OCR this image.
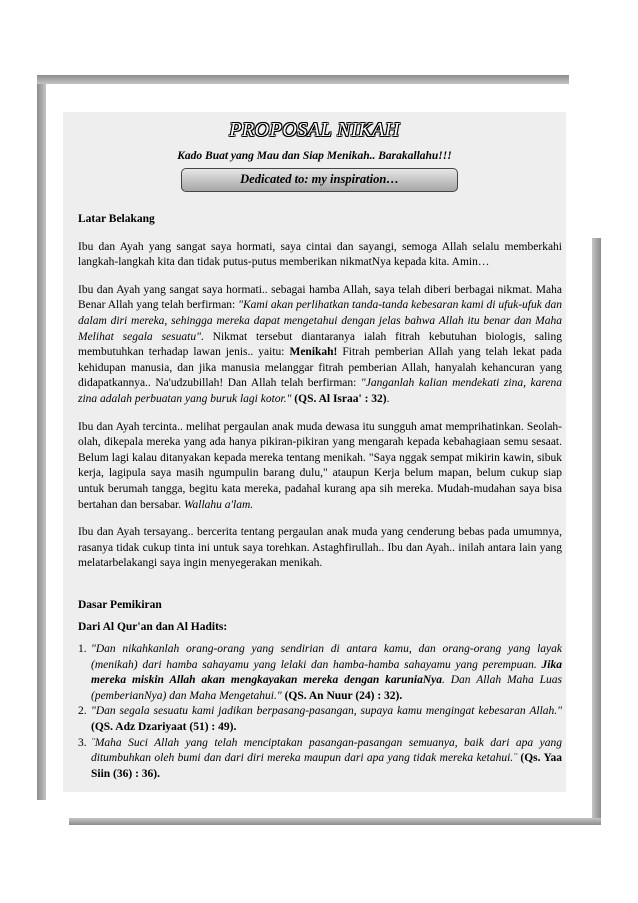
PROPOSAL NIKAH
Kado Buat yang Mau dan Siap Menikah.. Barakallahu!!!
Dedicated to: my inspiration…
Latar Belakang

Ibu dan Ayah yang sangat saya hormati, saya cintai dan sayangi, semoga Allah selalu memberkahi langkah-langkah kita dan tidak putus-putus memberikan nikmatNya kepada kita. Amin…

Ibu dan Ayah yang sangat saya hormati.. sebagai hamba Allah, saya telah diberi berbagai nikmat. Maha Benar Allah yang telah berfirman: "Kami akan perlihatkan tanda-tanda kebesaran kami di ufuk-ufuk dan dalam diri mereka, sehingga mereka dapat mengetahui dengan jelas bahwa Allah itu benar dan Maha Melihat segala sesuatu". Nikmat tersebut diantaranya ialah fitrah kebutuhan biologis, saling membutuhkan terhadap lawan jenis.. yaitu: Menikah! Fitrah pemberian Allah yang telah lekat pada kehidupan manusia, dan jika manusia melanggar fitrah pemberian Allah, hanyalah kehancuran yang didapatkannya.. Na'udzubillah! Dan Allah telah berfirman: "Janganlah kalian mendekati zina, karena zina adalah perbuatan yang buruk lagi kotor." (QS. Al Israa' : 32).

Ibu dan Ayah tercinta.. melihat pergaulan anak muda dewasa itu sungguh amat memprihatinkan. Seolah-olah, dikepala mereka yang ada hanya pikiran-pikiran yang mengarah kepada kebahagiaan semu sesaat. Belum lagi kalau ditanyakan kepada mereka tentang menikah. "Saya nggak sempat mikirin kawin, sibuk kerja, lagipula saya masih ngumpulin barang dulu," ataupun Kerja belum mapan, belum cukup siap untuk berumah tangga, begitu kata mereka, padahal kurang apa sih mereka. Mudah-mudahan saya bisa bertahan dan bersabar. Wallahu a'lam.

Ibu dan Ayah tersayang.. bercerita tentang pergaulan anak muda yang cenderung bebas pada umumnya, rasanya tidak cukup tinta ini untuk saya torehkan. Astaghfirullah.. Ibu dan Ayah.. inilah antara lain yang melatarbelakangi saya ingin menyegerakan menikah.

Dasar Pemikiran
Dari Al Qur'an dan Al Hadits:
1. "Dan nikahkanlah orang-orang yang sendirian di antara kamu, dan orang-orang yang layak (menikah) dari hamba sahayamu yang lelaki dan hamba-hamba sahayamu yang perempuan. Jika mereka miskin Allah akan mengkayakan mereka dengan karuniaNya. Dan Allah Maha Luas (pemberianNya) dan Maha Mengetahui." (QS. An Nuur (24) : 32).
2. "Dan segala sesuatu kami jadikan berpasang-pasangan, supaya kamu mengingat kebesaran Allah." (QS. Adz Dzariyaat (51) : 49).
3. ¨Maha Suci Allah yang telah menciptakan pasangan-pasangan semuanya, baik dari apa yang ditumbuhkan oleh bumi dan dari diri mereka maupun dari apa yang tidak mereka ketahui.¨ (Qs. Yaa Siin (36) : 36).
